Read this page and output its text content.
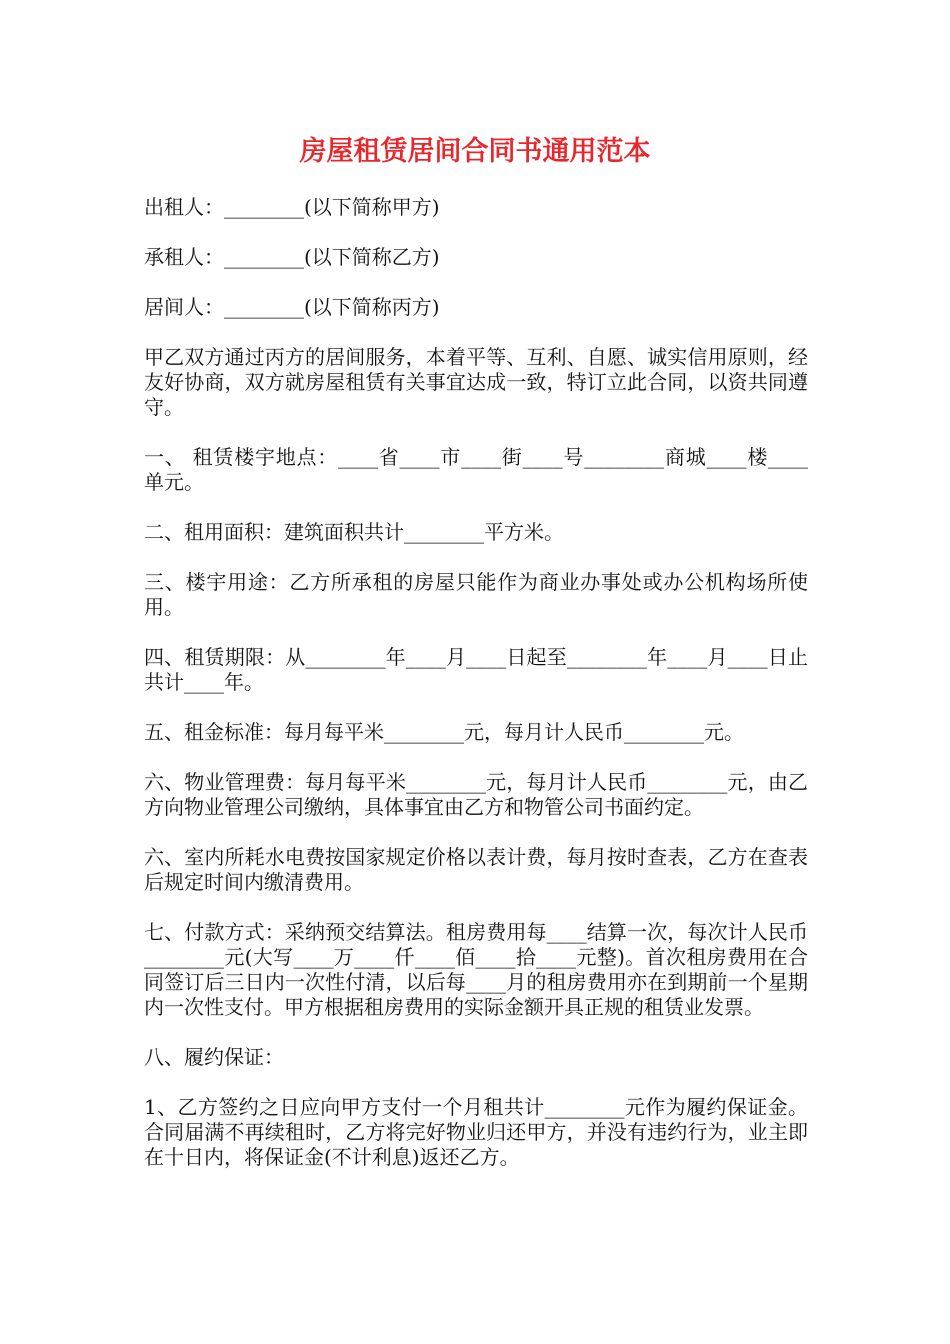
房屋租赁居间合同书通用范本

出租人：________(以下简称甲方)

承租人：________(以下简称乙方)

居间人：________(以下简称丙方)

甲乙双方通过丙方的居间服务，本着平等、互利、自愿、诚实信用原则，经友好协商，双方就房屋租赁有关事宜达成一致，特订立此合同，以资共同遵守。

一、 租赁楼宇地点：____省____市____街____号________商城____楼____单元。

二、租用面积：建筑面积共计________平方米。

三、楼宇用途：乙方所承租的房屋只能作为商业办事处或办公机构场所使用。

四、租赁期限：从________年____月____日起至________年____月____日止共计____年。

五、租金标准：每月每平米________元，每月计人民币________元。

六、物业管理费：每月每平米________元，每月计人民币________元，由乙方向物业管理公司缴纳，具体事宜由乙方和物管公司书面约定。

六、室内所耗水电费按国家规定价格以表计费，每月按时查表，乙方在查表后规定时间内缴清费用。

七、付款方式：采纳预交结算法。租房费用每____结算一次，每次计人民币________元(大写____万____仟____佰____拾____元整)。首次租房费用在合同签订后三日内一次性付清，以后每____月的租房费用亦在到期前一个星期内一次性支付。甲方根据租房费用的实际金额开具正规的租赁业发票。

八、履约保证：

1、乙方签约之日应向甲方支付一个月租共计________元作为履约保证金。合同届满不再续租时，乙方将完好物业归还甲方，并没有违约行为，业主即在十日内，将保证金(不计利息)返还乙方。
